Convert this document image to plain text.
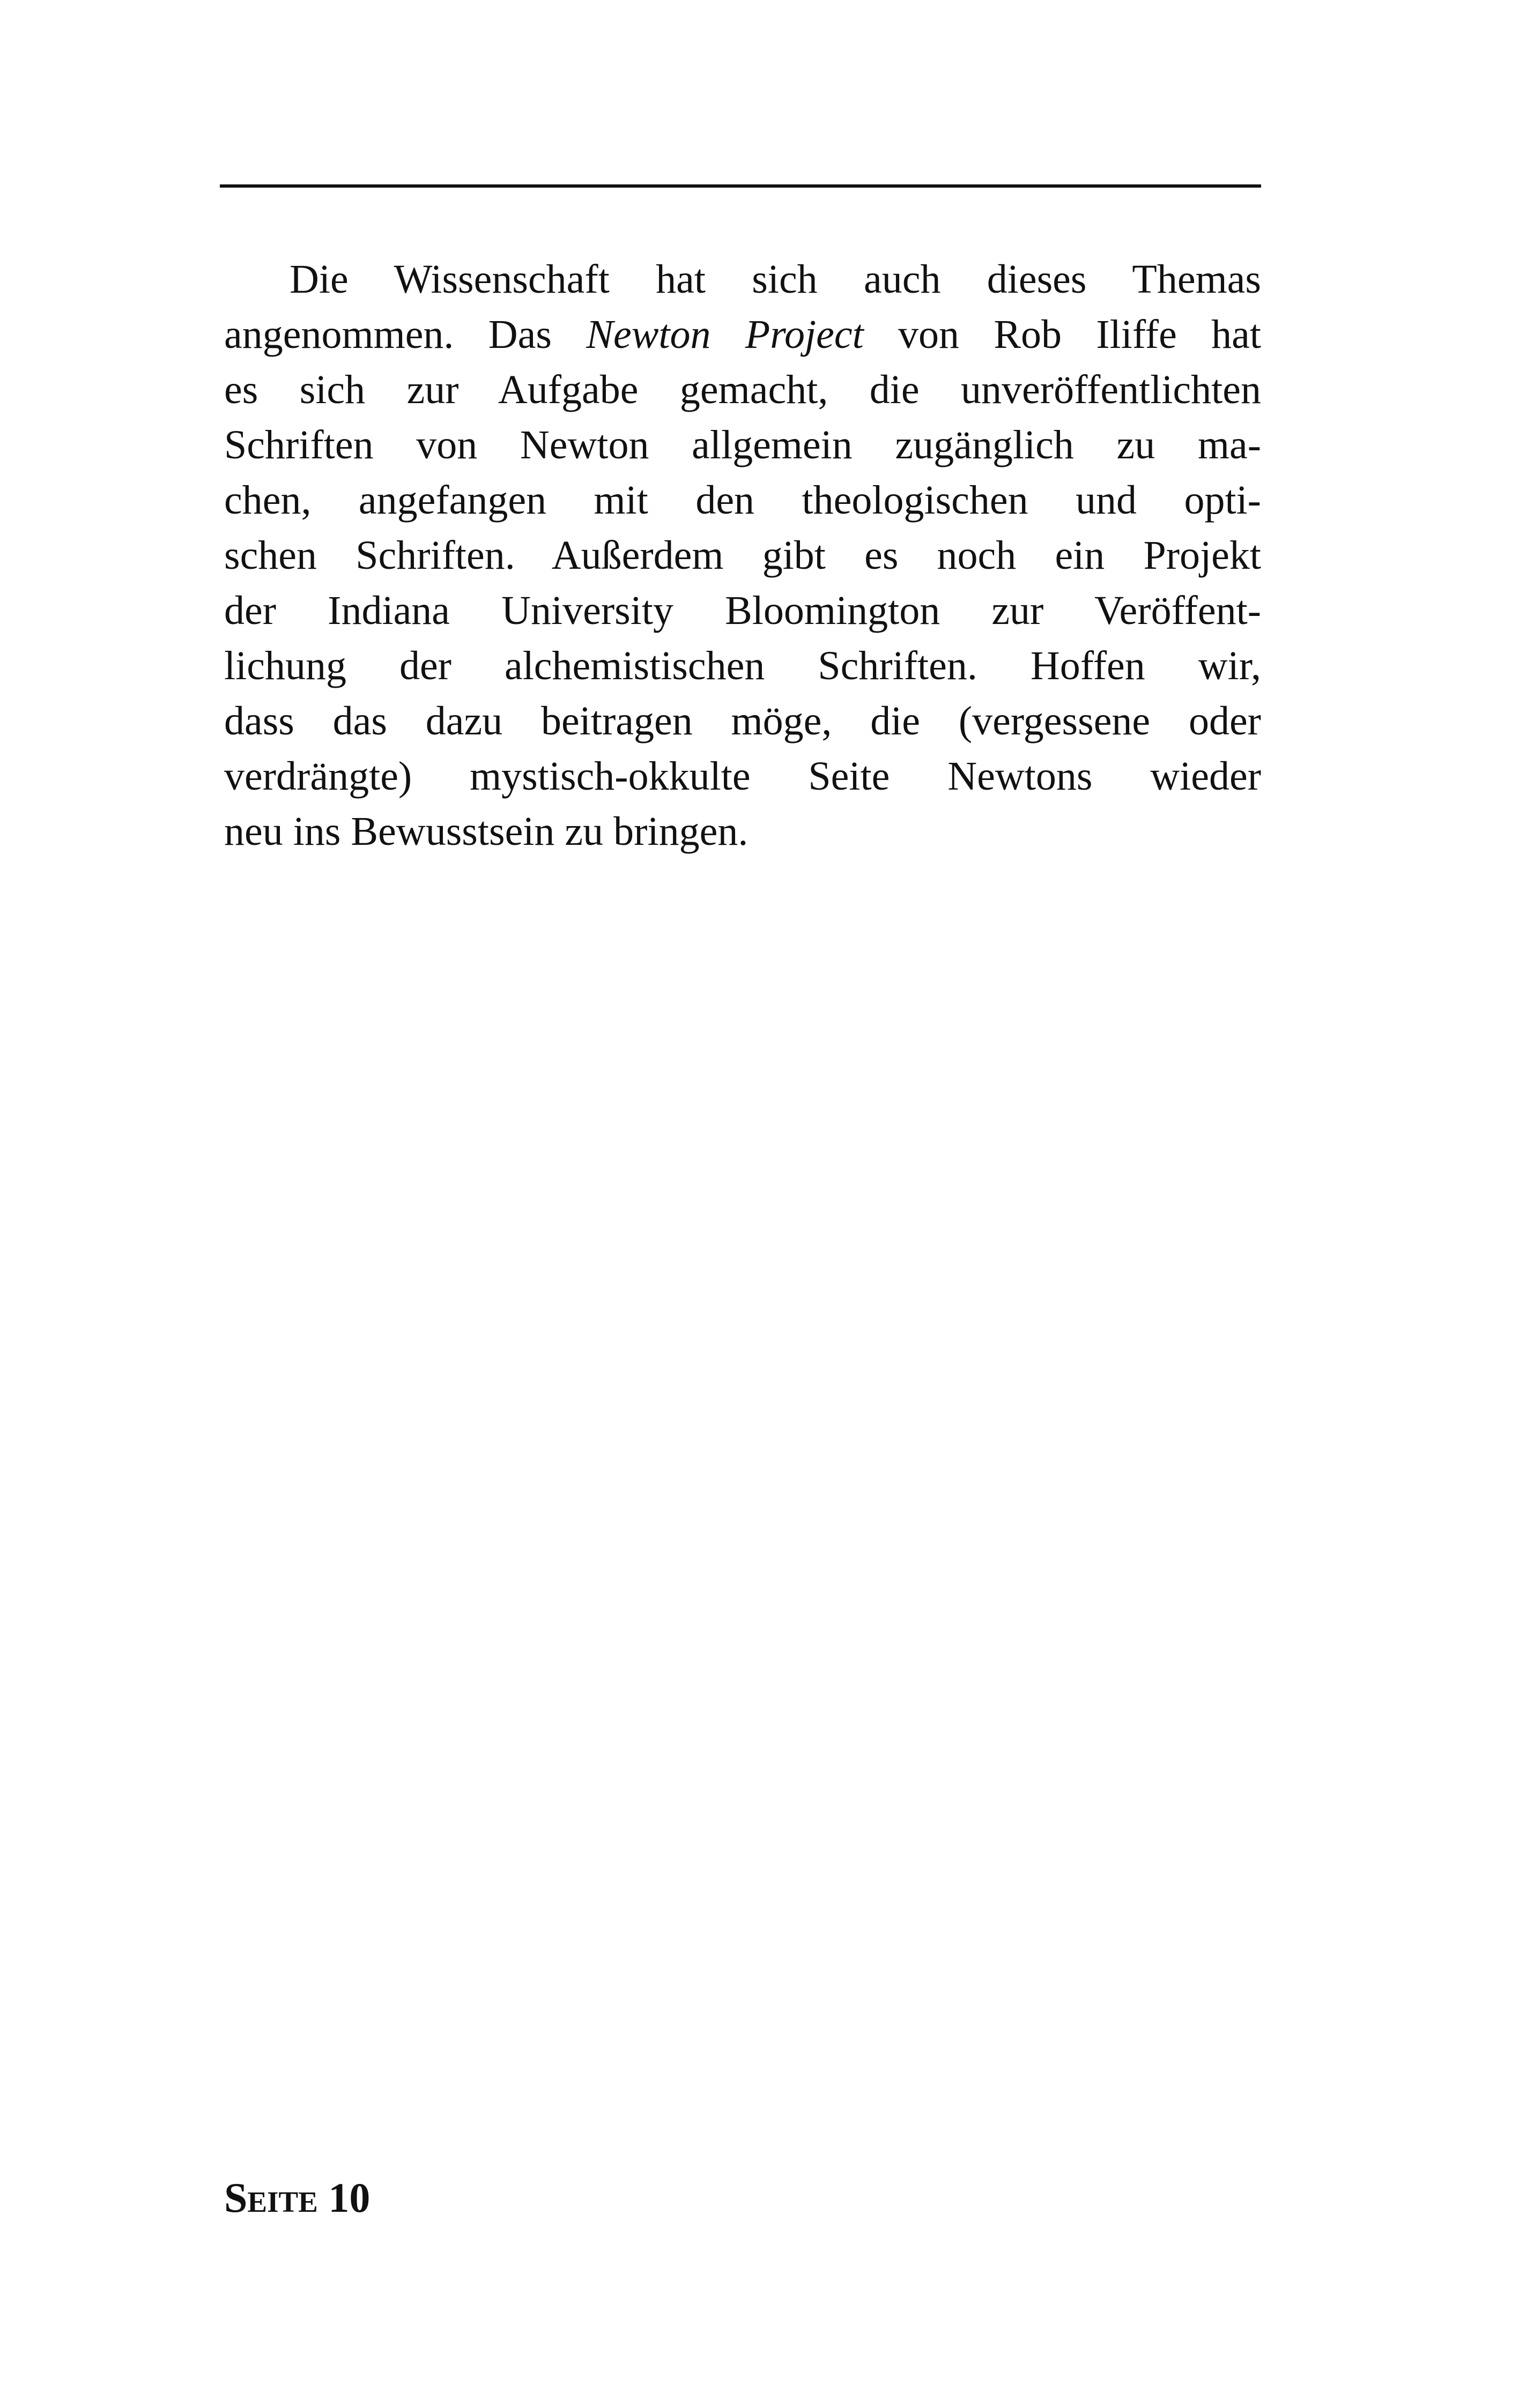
Die Wissenschaft hat sich auch dieses Themas
angenommen. Das Newton Project von Rob Iliffe hat
es sich zur Aufgabe gemacht, die unveröffentlichten
Schriften von Newton allgemein zugänglich zu ma-
chen, angefangen mit den theologischen und opti-
schen Schriften. Außerdem gibt es noch ein Projekt
der Indiana University Bloomington zur Veröffent-
lichung der alchemistischen Schriften. Hoffen wir,
dass das dazu beitragen möge, die (vergessene oder
verdrängte) mystisch-okkulte Seite Newtons wieder
neu ins Bewusstsein zu bringen.

Seite 10
